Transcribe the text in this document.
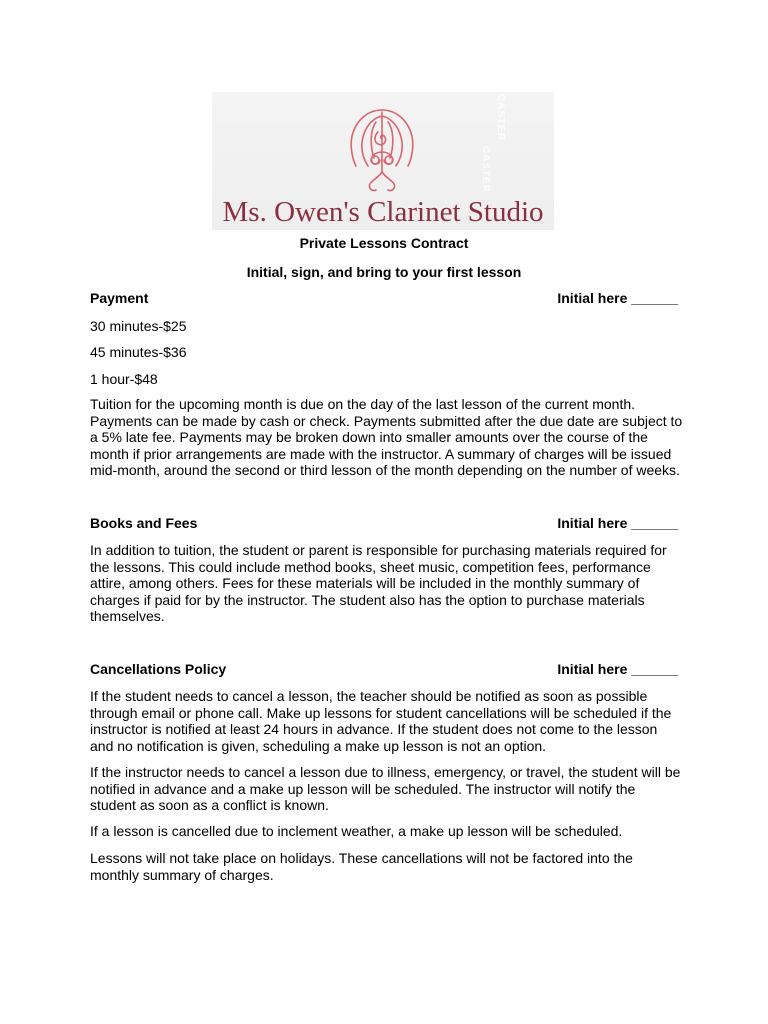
CASTER
CASTER
Ms. Owen's Clarinet Studio
Private Lessons Contract
Initial, sign, and bring to your first lesson
Payment	Initial here ______
30 minutes-$25
45 minutes-$36
1 hour-$48

Tuition for the upcoming month is due on the day of the last lesson of the current month.
Payments can be made by cash or check. Payments submitted after the due date are subject to
a 5% late fee. Payments may be broken down into smaller amounts over the course of the
month if prior arrangements are made with the instructor. A summary of charges will be issued
mid-month, around the second or third lesson of the month depending on the number of weeks.

Books and Fees	Initial here ______

In addition to tuition, the student or parent is responsible for purchasing materials required for
the lessons. This could include method books, sheet music, competition fees, performance
attire, among others. Fees for these materials will be included in the monthly summary of
charges if paid for by the instructor. The student also has the option to purchase materials
themselves.

Cancellations Policy	Initial here ______

If the student needs to cancel a lesson, the teacher should be notified as soon as possible
through email or phone call. Make up lessons for student cancellations will be scheduled if the
instructor is notified at least 24 hours in advance. If the student does not come to the lesson
and no notification is given, scheduling a make up lesson is not an option.

If the instructor needs to cancel a lesson due to illness, emergency, or travel, the student will be
notified in advance and a make up lesson will be scheduled. The instructor will notify the
student as soon as a conflict is known.

If a lesson is cancelled due to inclement weather, a make up lesson will be scheduled.

Lessons will not take place on holidays. These cancellations will not be factored into the
monthly summary of charges.
